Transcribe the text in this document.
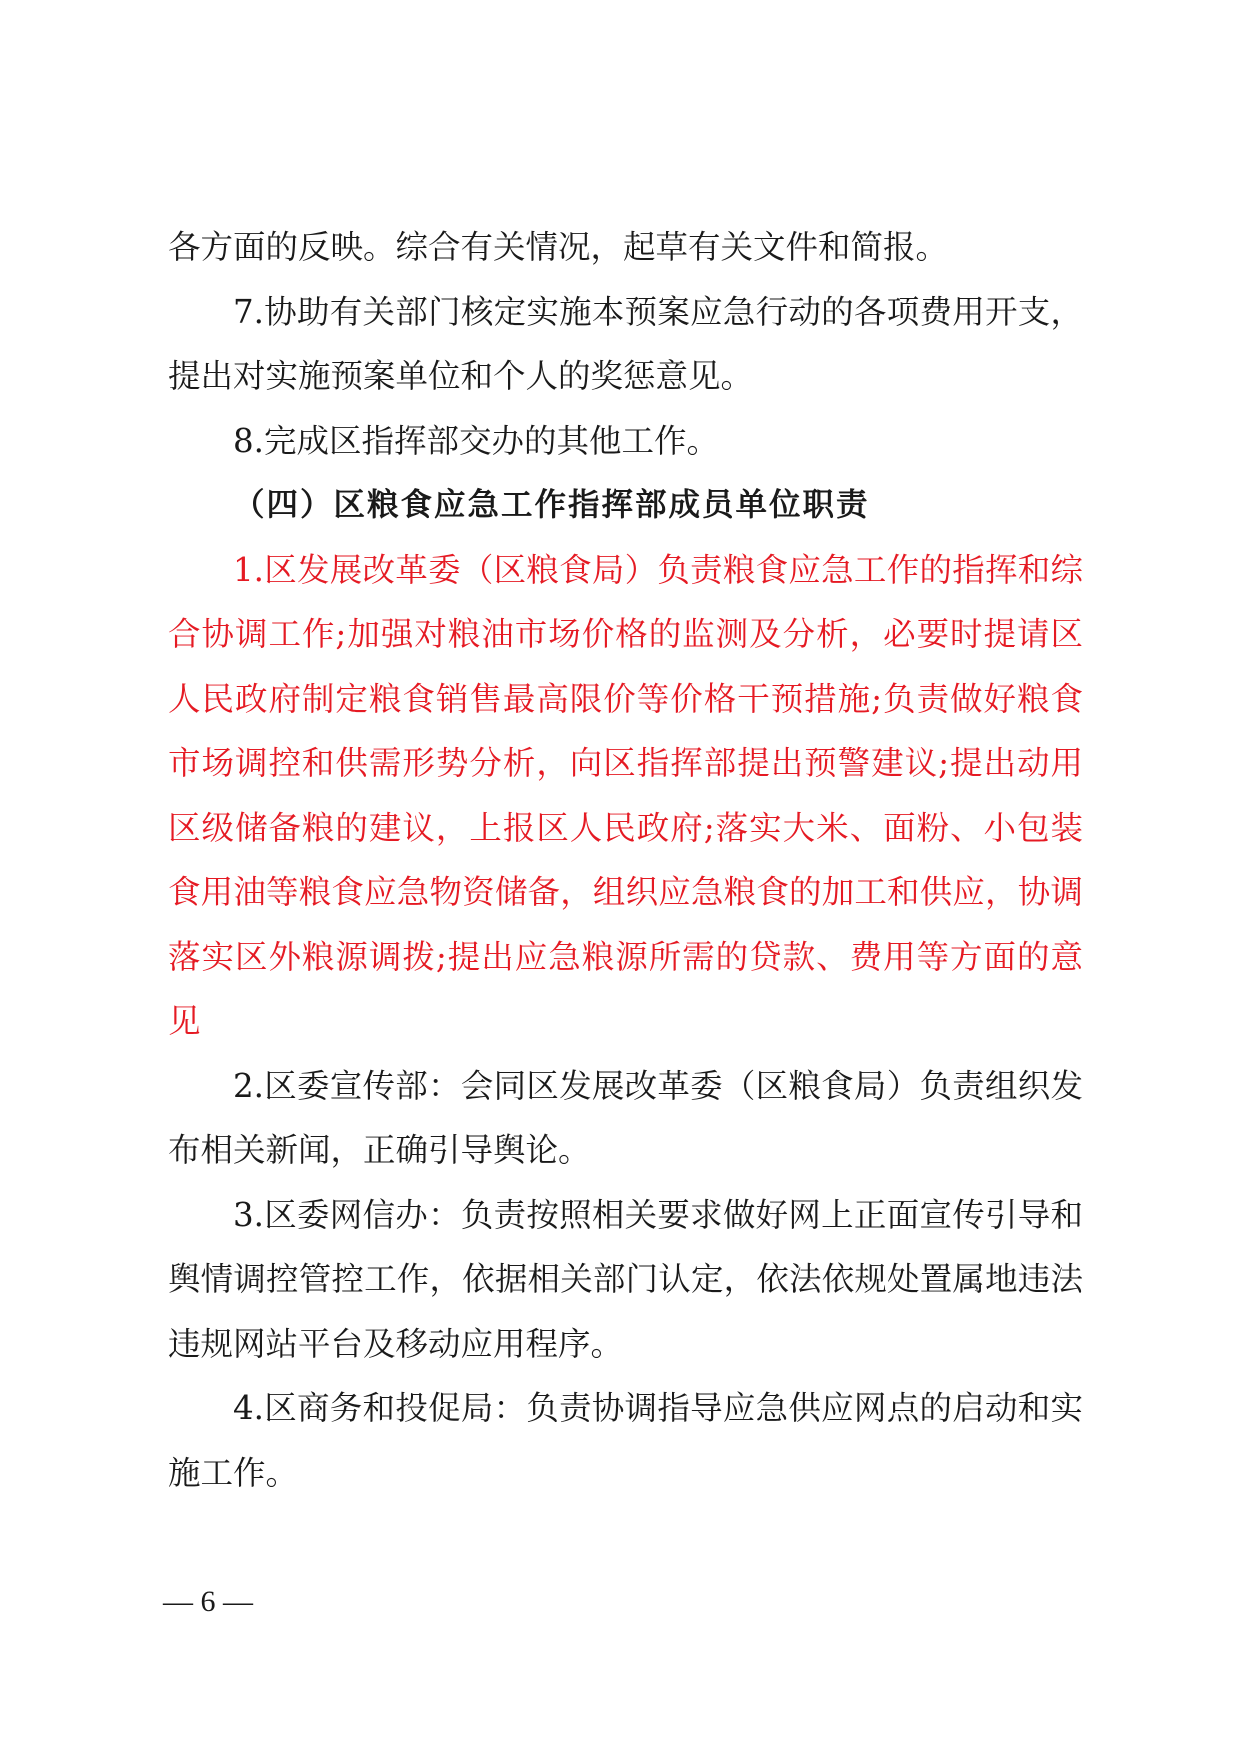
各方面的反映。综合有关情况，起草有关文件和简报。
7.协助有关部门核定实施本预案应急行动的各项费用开支，
提出对实施预案单位和个人的奖惩意见。
8.完成区指挥部交办的其他工作。
（四）区粮食应急工作指挥部成员单位职责
1.区发展改革委（区粮食局）负责粮食应急工作的指挥和综
合协调工作;加强对粮油市场价格的监测及分析，必要时提请区
人民政府制定粮食销售最高限价等价格干预措施;负责做好粮食
市场调控和供需形势分析，向区指挥部提出预警建议;提出动用
区级储备粮的建议，上报区人民政府;落实大米、面粉、小包装
食用油等粮食应急物资储备，组织应急粮食的加工和供应，协调
落实区外粮源调拨;提出应急粮源所需的贷款、费用等方面的意
见
2.区委宣传部：会同区发展改革委（区粮食局）负责组织发
布相关新闻，正确引导舆论。
3.区委网信办：负责按照相关要求做好网上正面宣传引导和
舆情调控管控工作，依据相关部门认定，依法依规处置属地违法
违规网站平台及移动应用程序。
4.区商务和投促局：负责协调指导应急供应网点的启动和实
施工作。
— 6 —
